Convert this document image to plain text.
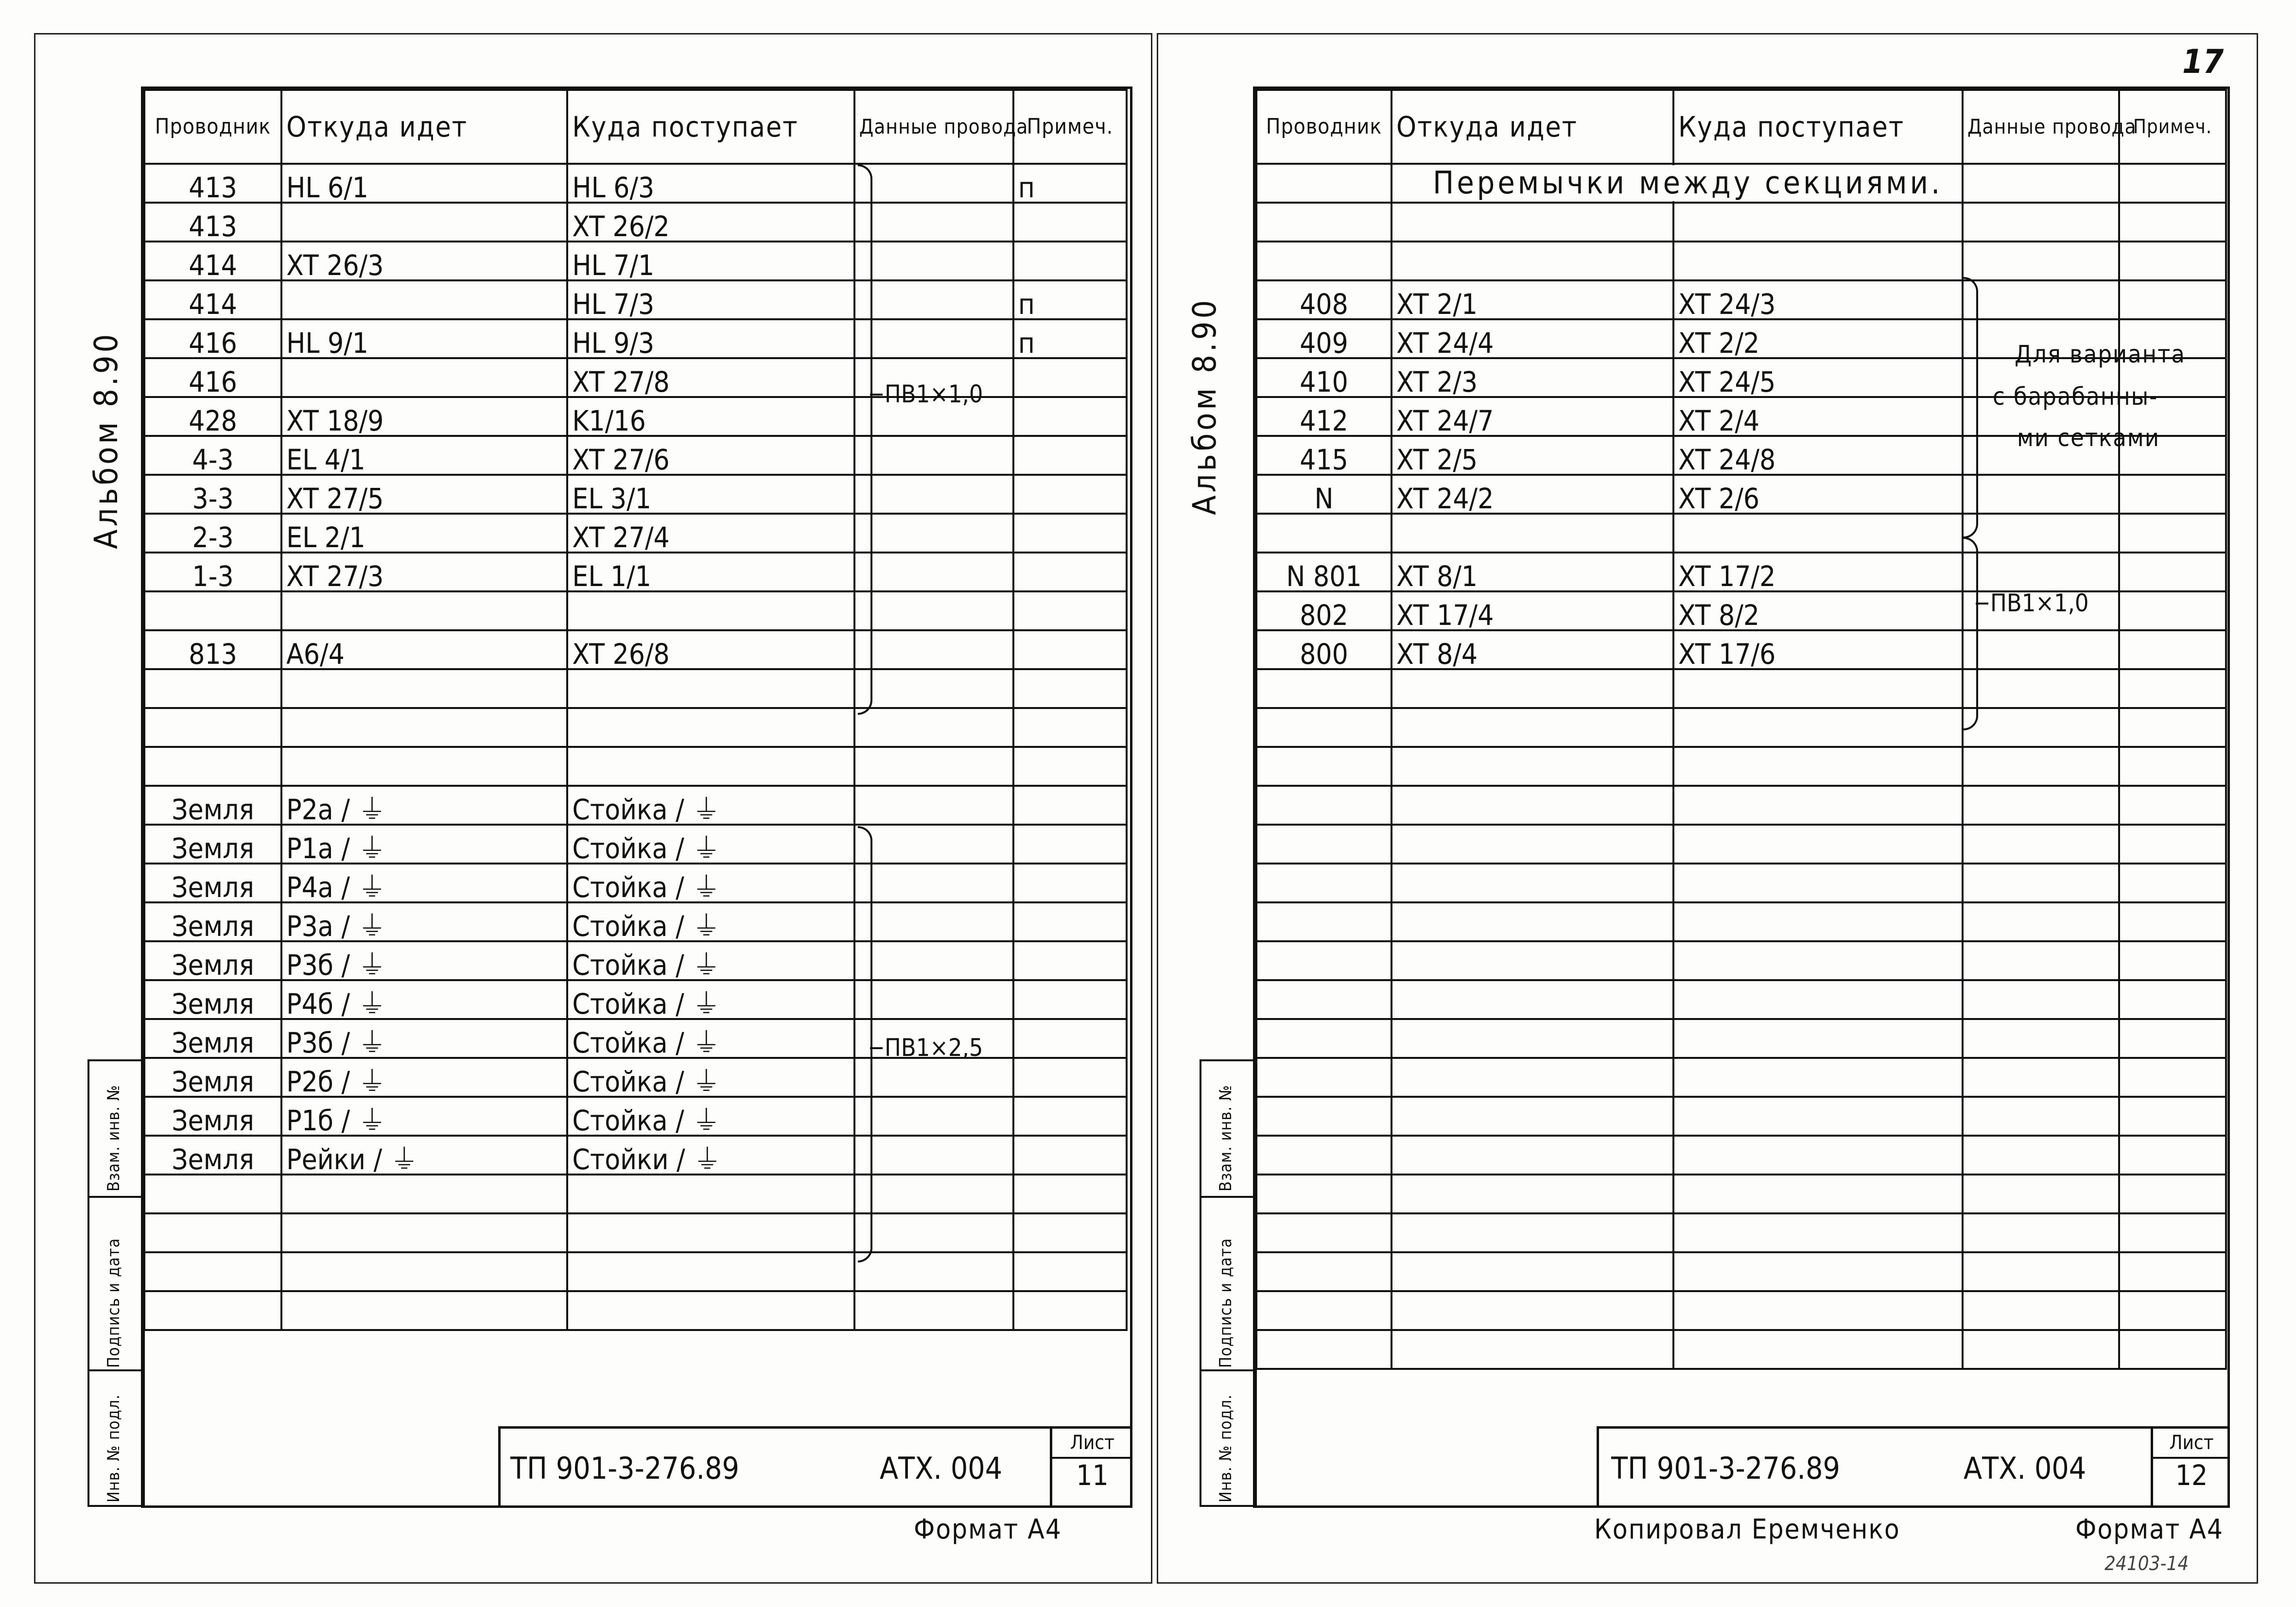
Альбом 8.90
Проводник	Откуда идет	Куда поступает	Данные провода	Примеч.
413	HL 6/1	HL 6/3		п
413		XT 26/2		
414	XT 26/3	HL 7/1		
414		HL 7/3		п
416	HL 9/1	HL 9/3		п
416		XT 27/8		
428	XT 18/9	K1/16		
4-3	EL 4/1	XT 27/6		
3-3	XT 27/5	EL 3/1		
2-3	EL 2/1	XT 27/4		
1-3	XT 27/3	EL 1/1		

813	A6/4	XT 26/8		

Земля	P2a / ⏚	Стойка / ⏚		
Земля	P1a / ⏚	Стойка / ⏚		
Земля	P4a / ⏚	Стойка / ⏚		
Земля	P3a / ⏚	Стойка / ⏚		
Земля	P3б / ⏚	Стойка / ⏚		
Земля	P4б / ⏚	Стойка / ⏚		
Земля	P3б / ⏚	Стойка / ⏚		
Земля	P2б / ⏚	Стойка / ⏚		
Земля	P1б / ⏚	Стойка / ⏚		
Земля	Рейки / ⏚	Стойки / ⏚		

ПВ1×1,0
ПВ1×2,5
Инв. № подл.
Подпись и дата
Взам. инв. №
ТП 901-3-276.89	АТХ. 004
Лист
11
Формат А4
17
Альбом 8.90
Проводник	Откуда идет	Куда поступает	Данные провода	Примеч.

408	XT 2/1	XT 24/3		
409	XT 24/4	XT 2/2		
410	XT 2/3	XT 24/5		
412	XT 24/7	XT 2/4		
415	XT 2/5	XT 24/8		
N	XT 24/2	XT 2/6		

N 801	XT 8/1	XT 17/2		
802	XT 17/4	XT 8/2		
800	XT 8/4	XT 17/6		

Перемычки между секциями.
Для варианта
с барабанны-
ми сетками
ПВ1×1,0
Инв. № подл.
Подпись и дата
Взам. инв. №
ТП 901-3-276.89	АТХ. 004
Лист
12
Копировал Еремченко	Формат А4
24103-14
